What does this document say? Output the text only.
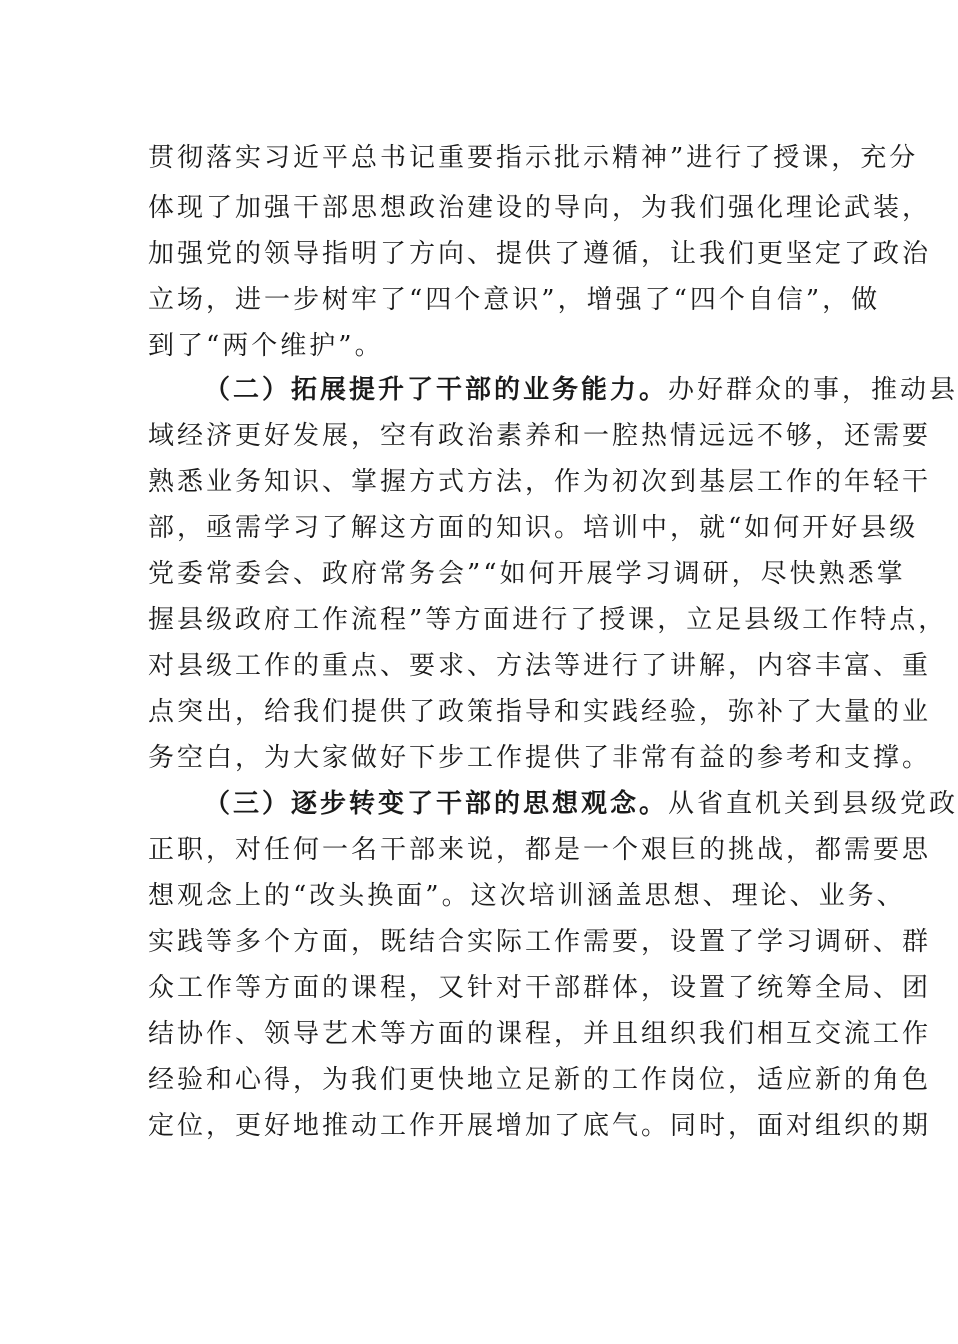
贯彻落实习近平总书记重要指示批示精神”进行了授课，充分
体现了加强干部思想政治建设的导向，为我们强化理论武装，
加强党的领导指明了方向、提供了遵循，让我们更坚定了政治
立场，进一步树牢了“四个意识”，增强了“四个自信”，做
到了“两个维护”。
（二）拓展提升了干部的业务能力。办好群众的事，推动县
域经济更好发展，空有政治素养和一腔热情远远不够，还需要
熟悉业务知识、掌握方式方法，作为初次到基层工作的年轻干
部，亟需学习了解这方面的知识。培训中，就“如何开好县级
党委常委会、政府常务会”“如何开展学习调研，尽快熟悉掌
握县级政府工作流程”等方面进行了授课，立足县级工作特点，
对县级工作的重点、要求、方法等进行了讲解，内容丰富、重
点突出，给我们提供了政策指导和实践经验，弥补了大量的业
务空白，为大家做好下步工作提供了非常有益的参考和支撑。
（三）逐步转变了干部的思想观念。从省直机关到县级党政
正职，对任何一名干部来说，都是一个艰巨的挑战，都需要思
想观念上的“改头换面”。这次培训涵盖思想、理论、业务、
实践等多个方面，既结合实际工作需要，设置了学习调研、群
众工作等方面的课程，又针对干部群体，设置了统筹全局、团
结协作、领导艺术等方面的课程，并且组织我们相互交流工作
经验和心得，为我们更快地立足新的工作岗位，适应新的角色
定位，更好地推动工作开展增加了底气。同时，面对组织的期
